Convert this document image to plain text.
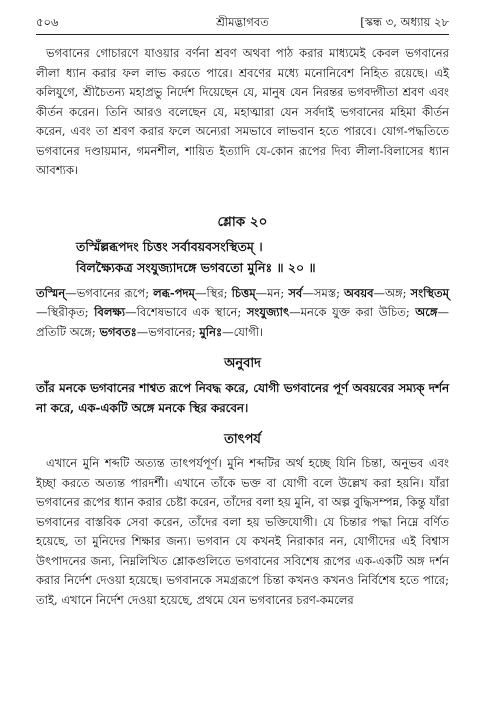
৫০৬	শ্রীমদ্ভাগবত	[স্কন্ধ ৩, অধ্যায় ২৮

ভগবানের গোচারণে যাওয়ার বর্ণনা শ্রবণ অথবা পাঠ করার মাধ্যমেই কেবল ভগবানের লীলা ধ্যান করার ফল লাভ করতে পারে। শ্রবণের মধ্যে মনোনিবেশ নিহিত রয়েছে। এই কলিযুগে, শ্রীচৈতন্য মহাপ্রভু নির্দেশ দিয়েছেন যে, মানুষ যেন নিরন্তর ভগবদ্গীতা শ্রবণ এবং কীর্তন করেন। তিনি আরও বলেছেন যে, মহাত্মারা যেন সর্বদাই ভগবানের মহিমা কীর্তন করেন, এবং তা শ্রবণ করার ফলে অন্যেরা সমভাবে লাভবান হতে পারবে। যোগ-পদ্ধতিতে ভগবানের দণ্ডায়মান, গমনশীল, শায়িত ইত্যাদি যে-কোন রূপের দিব্য লীলা-বিলাসের ধ্যান আবশ্যক।

শ্লোক ২০

তস্মিঁল্লব্ধপদং চিত্তং সর্বাবয়বসংস্থিতম্ ।
বিলক্ষ্যৈকত্র সংযুজ্যাদঙ্গে ভগবতো মুনিঃ ॥ ২০ ॥

তস্মিন্—ভগবানের রূপে; লব্ধ-পদম্—স্থির; চিত্তম্—মন; সর্ব—সমস্ত; অবয়ব—অঙ্গ; সংস্থিতম্—স্থিরীকৃত; বিলক্ষ্য—বিশেষভাবে এক স্থানে; সংযুজ্যাৎ—মনকে যুক্ত করা উচিত; অঙ্গে—প্রতিটি অঙ্গে; ভগবতঃ—ভগবানের; মুনিঃ—যোগী।
অনুবাদ

তাঁর মনকে ভগবানের শাশ্বত রূপে নিবদ্ধ করে, যোগী ভগবানের পূর্ণ অবয়বের সম্যক্ দর্শন না করে, এক-একটি অঙ্গে মনকে স্থির করবেন।

তাৎপর্য

এখানে মুনি শব্দটি অত্যন্ত তাৎপর্যপূর্ণ। মুনি শব্দটির অর্থ হচ্ছে যিনি চিন্তা, অনুভব এবং ইচ্ছা করতে অত্যন্ত পারদর্শী। এখানে তাঁকে ভক্ত বা যোগী বলে উল্লেখ করা হয়নি। যাঁরা ভগবানের রূপের ধ্যান করার চেষ্টা করেন, তাঁদের বলা হয় মুনি, বা অল্প বুদ্ধিসম্পন্ন, কিন্তু যাঁরা ভগবানের বাস্তবিক সেবা করেন, তাঁদের বলা হয় ভক্তিযোগী। যে চিন্তার পদ্ধা নিম্নে বর্ণিত হয়েছে, তা মুনিদের শিক্ষার জন্য। ভগবান যে কখনই নিরাকার নন, যোগীদের এই বিশ্বাস উৎপাদনের জন্য, নিম্নলিখিত শ্লোকগুলিতে ভগবানের সবিশেষ রূপের এক-একটি অঙ্গ দর্শন করার নির্দেশ দেওয়া হয়েছে। ভগবানকে সমগ্ররূপে চিন্তা কখনও কখনও নির্বিশেষ হতে পারে; তাই, এখানে নির্দেশ দেওয়া হয়েছে, প্রথমে যেন ভগবানের চরণ-কমলের
